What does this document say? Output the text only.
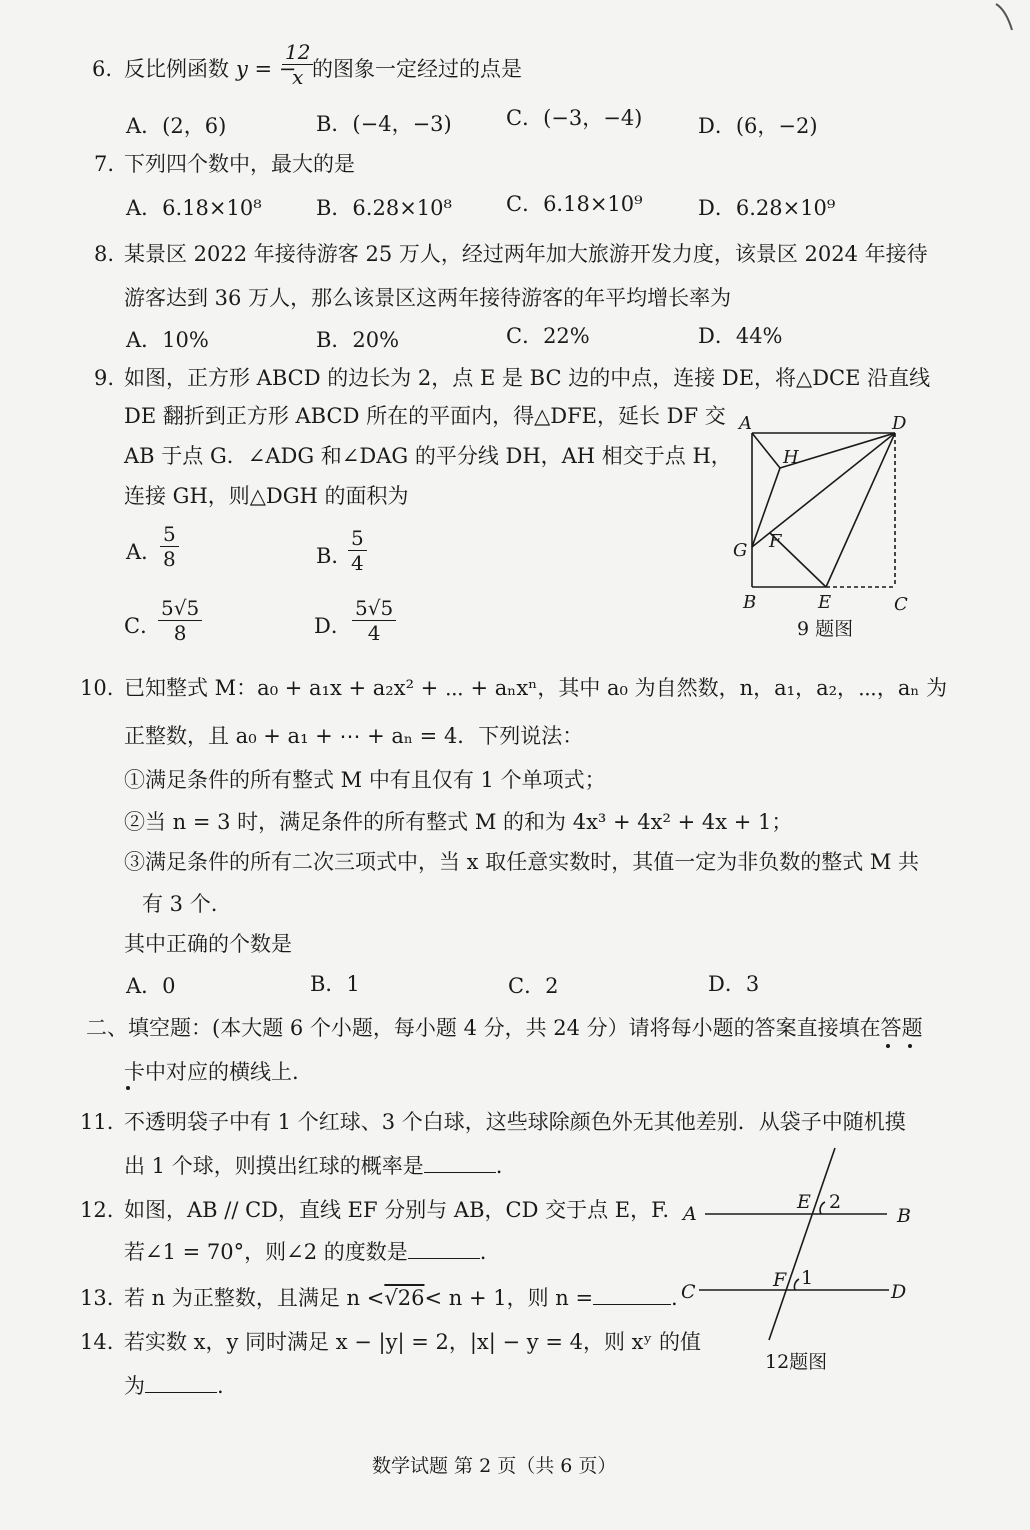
6. 反比例函数 y = −
$\frac{12}{x}$
的图象一定经过的点是
A．(2，6)	B．(−4，−3)	C．(−3，−4)	D．(6，−2)
7. 下列四个数中，最大的是
A．6.18×10⁸	B．6.28×10⁸	C．6.18×10⁹	D．6.28×10⁹
8. 某景区 2022 年接待游客 25 万人，经过两年加大旅游开发力度，该景区 2024 年接待
游客达到 36 万人，那么该景区这两年接待游客的年平均增长率为
A．10%	B．20%	C．22%	D．44%
9. 如图，正方形 ABCD 的边长为 2，点 E 是 BC 边的中点，连接 DE，将△DCE 沿直线
DE 翻折到正方形 ABCD 所在的平面内，得△DFE，延长 DF 交
AB 于点 G．∠ADG 和∠DAG 的平分线 DH，AH 相交于点 H，
连接 GH，则△DGH 的面积为
A．
$\frac{5}{8}$	B．
$\frac{5}{4}$
C．
$\frac{5√5}{8}$	D． $\frac{5√5}{4}$
A	D
H
G F
B	E	C
9 题图
10. 已知整式 M：a₀ + a₁x + a₂x² + ⋯ + aₙxⁿ，其中 a₀ 为自然数，n，a₁，a₂，⋯，aₙ 为
正整数，且 a₀ + a₁ + ⋯ + aₙ = 4．下列说法：
①满足条件的所有整式 M 中有且仅有 1 个单项式；
②当 n = 3 时，满足条件的所有整式 M 的和为 4x³ + 4x² + 4x + 1；
③满足条件的所有二次三项式中，当 x 取任意实数时，其值一定为非负数的整式 M 共
有 3 个.
其中正确的个数是
A．0	B．1	C．2	D．3
二、填空题：(本大题 6 个小题，每小题 4 分，共 24 分）请将每小题的答案直接填在答题
卡中对应的横线上.
11. 不透明袋子中有 1 个红球、3 个白球，这些球除颜色外无其他差别．从袋子中随机摸
出 1 个球，则摸出红球的概率是	.
12. 如图，AB // CD，直线 EF 分别与 AB，CD 交于点 E，F.
若∠1 = 70°，则∠2 的度数是	.
A
E
B
C
F
D
2
1
12题图
13. 若 n 为正整数，且满足 n <√26< n + 1，则 n =	.
14. 若实数 x，y 同时满足 x − |y| = 2，|x| − y = 4，则 xʸ 的值
为	.
数学试题 第 2 页（共 6 页）
